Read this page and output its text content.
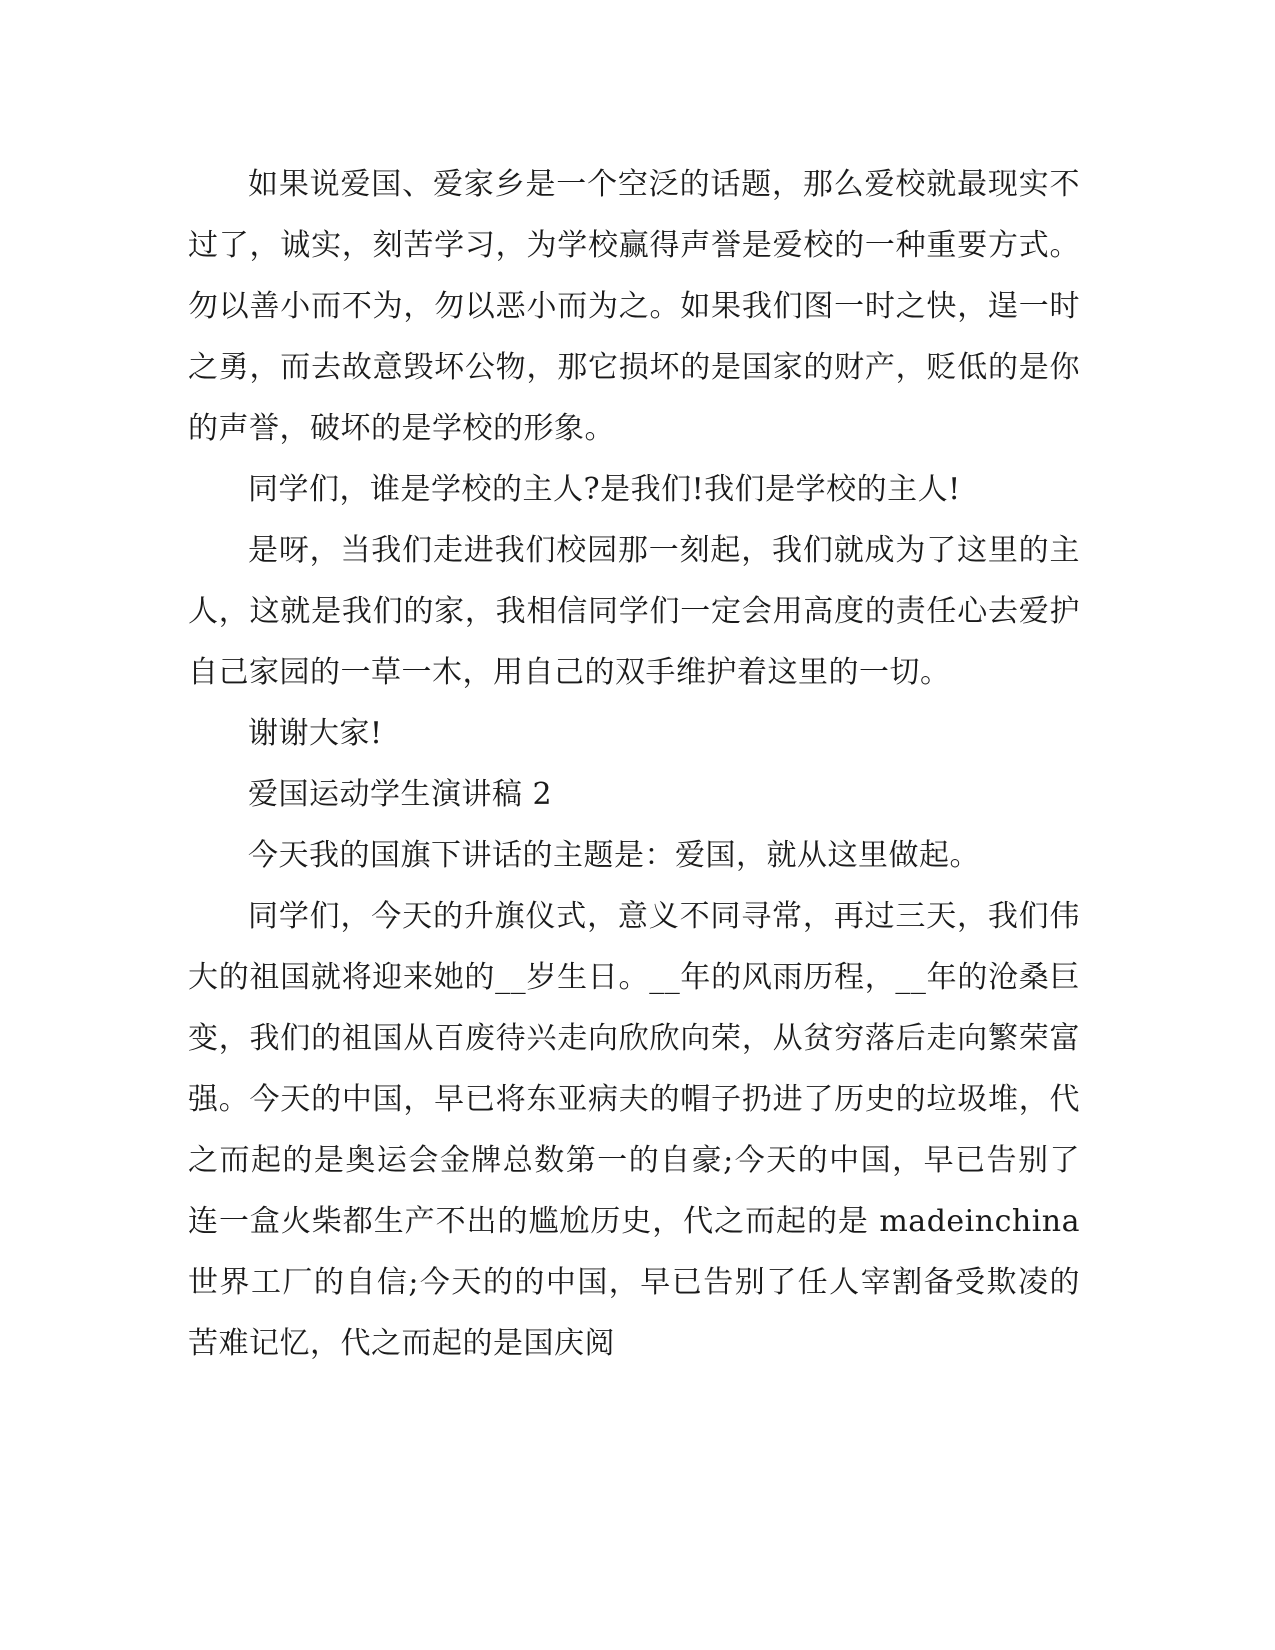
如果说爱国、爱家乡是一个空泛的话题，那么爱校就最现实不过了，诚实，刻苦学习，为学校赢得声誉是爱校的一种重要方式。勿以善小而不为，勿以恶小而为之。如果我们图一时之快，逞一时之勇，而去故意毁坏公物，那它损坏的是国家的财产，贬低的是你的声誉，破坏的是学校的形象。

同学们，谁是学校的主人?是我们!我们是学校的主人!

是呀，当我们走进我们校园那一刻起，我们就成为了这里的主人，这就是我们的家，我相信同学们一定会用高度的责任心去爱护自己家园的一草一木，用自己的双手维护着这里的一切。

谢谢大家!

爱国运动学生演讲稿 2

今天我的国旗下讲话的主题是：爱国，就从这里做起。

同学们，今天的升旗仪式，意义不同寻常，再过三天，我们伟大的祖国就将迎来她的__岁生日。__年的风雨历程，__年的沧桑巨变，我们的祖国从百废待兴走向欣欣向荣，从贫穷落后走向繁荣富强。今天的中国，早已将东亚病夫的帽子扔进了历史的垃圾堆，代之而起的是奥运会金牌总数第一的自豪;今天的中国，早已告别了连一盒火柴都生产不出的尴尬历史，代之而起的是 madeinchina 世界工厂的自信;今天的的中国，早已告别了任人宰割备受欺凌的苦难记忆，代之而起的是国庆阅
